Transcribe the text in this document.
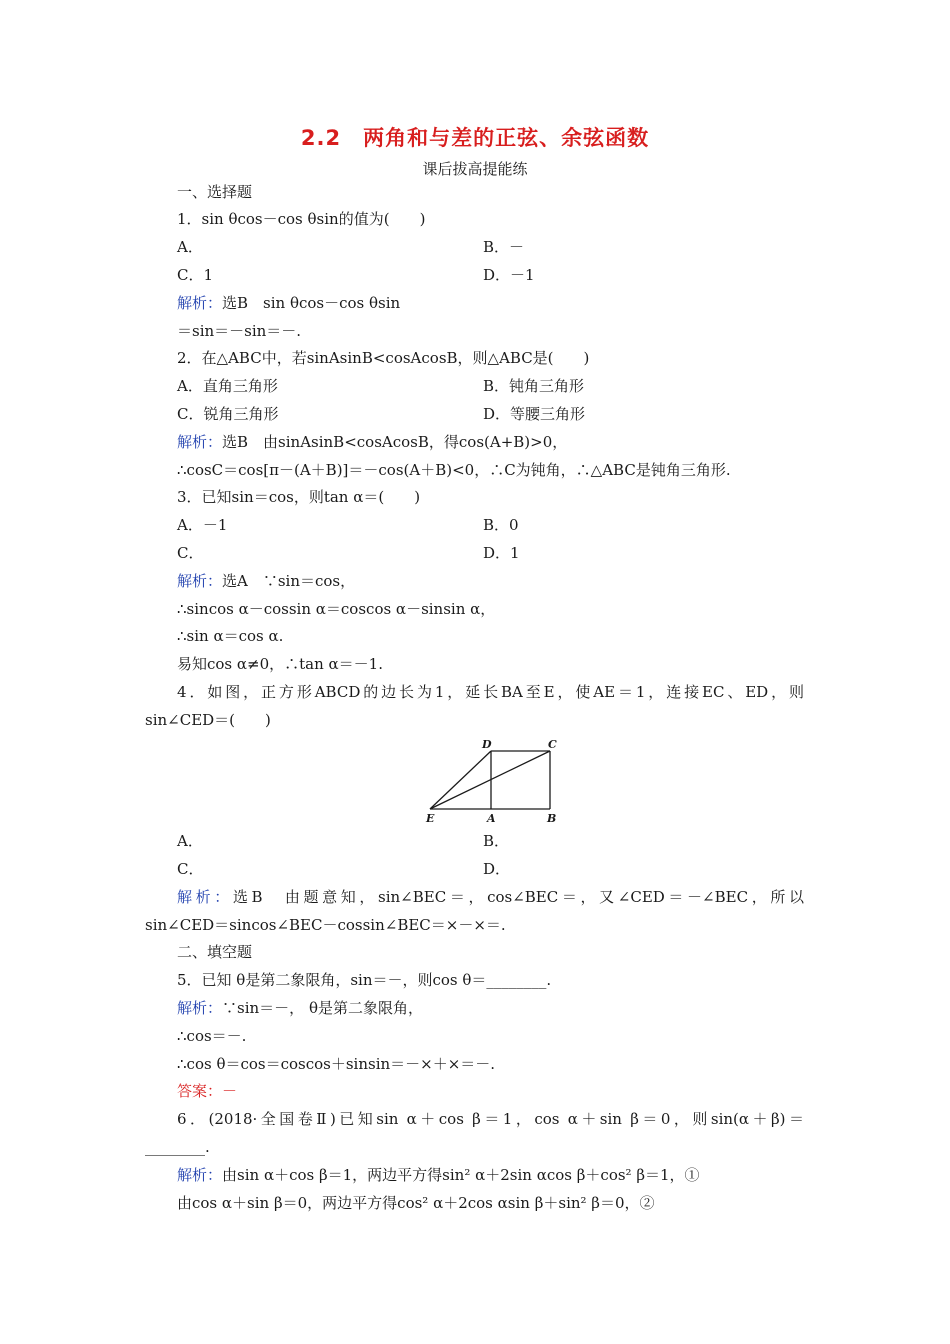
2.2　两角和与差的正弦、余弦函数
课后拔高提能练
一、选择题
1．sin θcos－cos θsin的值为(　　)
A．	B．－
C．1	D．－1
解析：选B　sin θcos－cos θsin
＝sin＝－sin＝－.
2．在△ABC中，若sinAsinB<cosAcosB，则△ABC是(　　)
A．直角三角形	B．钝角三角形
C．锐角三角形	D．等腰三角形
解析：选B　由sinAsinB<cosAcosB，得cos(A+B)>0，
∴cosC＝cos[π－(A＋B)]＝－cos(A＋B)<0，∴C为钝角，∴△ABC是钝角三角形.
3．已知sin＝cos，则tan α＝(　　)
A．－1	B．0
C．	D．1
解析：选A　∵sin＝cos，
∴sincos α－cossin α＝coscos α－sinsin α，
∴sin α＝cos α.
易知cos α≠0，∴tan α＝－1.
4．如图，正方形ABCD的边长为1，延长BA至E，使AE＝1，连接EC、ED，则
sin∠CED＝(　　)
A．	B．
C．	D．
解析：选B　由题意知，sin∠BEC＝，cos∠BEC＝，又∠CED＝－∠BEC，所以
sin∠CED＝sincos∠BEC－cossin∠BEC＝×－×＝.
二、填空题
5．已知 θ是第二象限角，sin＝－，则cos θ＝________.
解析：∵sin＝－， θ是第二象限角，
∴cos＝－.
∴cos θ＝cos＝coscos＋sinsin＝－×＋×＝－.
答案：－
6．(2018·全国卷Ⅱ)已知sin α＋cos β＝1，cos α＋sin β＝0，则sin(α＋β)＝
________.
解析：由sin α＋cos β＝1，两边平方得sin² α＋2sin αcos β＋cos² β＝1，①
由cos α＋sin β＝0，两边平方得cos² α＋2cos αsin β＋sin² β＝0，②
D	C
E	A	B
